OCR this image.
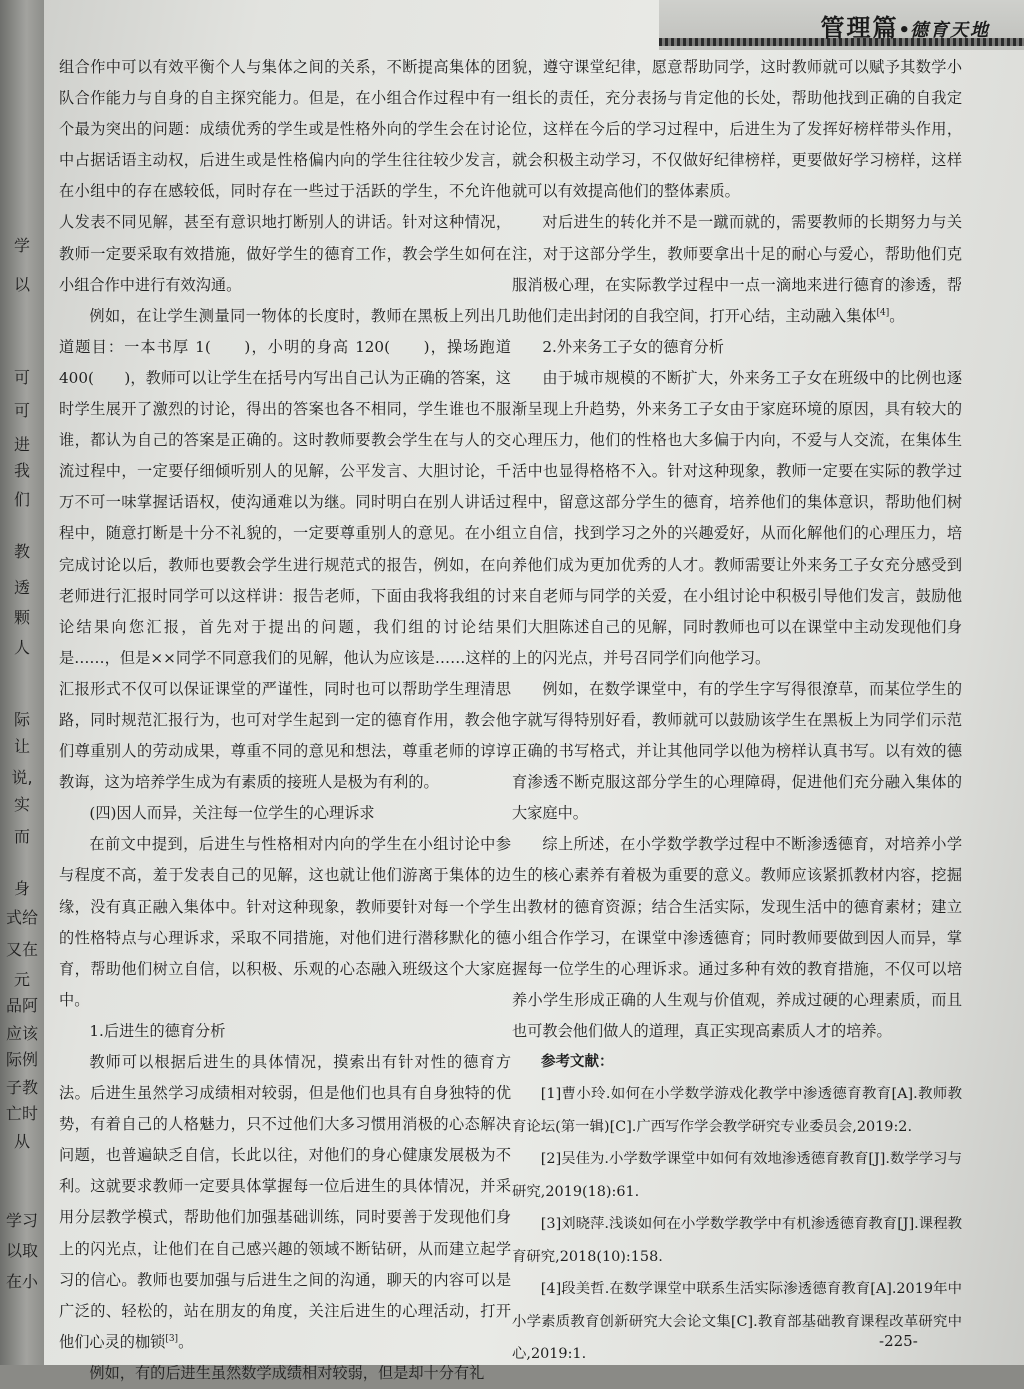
学
以
可
可
进
我
们
教
透
颗
人
际
让
说,
实
而
身
式给
又在
元
品阿
应该
际例
子教
亡时
从
学习
以取
在小
管理篇•德育天地

组合作中可以有效平衡个人与集体之间的关系，不断提高集体的团队合作能力与自身的自主探究能力。但是，在小组合作过程中有一个最为突出的问题：成绩优秀的学生或是性格外向的学生会在讨论中占据话语主动权，后进生或是性格偏内向的学生往往较少发言，在小组中的存在感较低，同时存在一些过于活跃的学生，不允许他人发表不同见解，甚至有意识地打断别人的讲话。针对这种情况，教师一定要采取有效措施，做好学生的德育工作，教会学生如何在小组合作中进行有效沟通。

例如，在让学生测量同一物体的长度时，教师在黑板上列出几道题目：一本书厚 1(　　)，小明的身高 120(　　)，操场跑道 400(　　)，教师可以让学生在括号内写出自己认为正确的答案，这时学生展开了激烈的讨论，得出的答案也各不相同，学生谁也不服谁，都认为自己的答案是正确的。这时教师要教会学生在与人的交流过程中，一定要仔细倾听别人的见解，公平发言、大胆讨论，千万不可一味掌握话语权，使沟通难以为继。同时明白在别人讲话过程中，随意打断是十分不礼貌的，一定要尊重别人的意见。在小组完成讨论以后，教师也要教会学生进行规范式的报告，例如，在向老师进行汇报时同学可以这样讲：报告老师，下面由我将我组的讨论结果向您汇报，首先对于提出的问题，我们组的讨论结果是……，但是××同学不同意我们的见解，他认为应该是……这样的汇报形式不仅可以保证课堂的严谨性，同时也可以帮助学生理清思路，同时规范汇报行为，也可对学生起到一定的德育作用，教会他们尊重别人的劳动成果，尊重不同的意见和想法，尊重老师的谆谆教诲，这为培养学生成为有素质的接班人是极为有利的。

(四)因人而异，关注每一位学生的心理诉求

在前文中提到，后进生与性格相对内向的学生在小组讨论中参与程度不高，羞于发表自己的见解，这也就让他们游离于集体的边缘，没有真正融入集体中。针对这种现象，教师要针对每一个学生的性格特点与心理诉求，采取不同措施，对他们进行潜移默化的德育，帮助他们树立自信，以积极、乐观的心态融入班级这个大家庭中。

1.后进生的德育分析

教师可以根据后进生的具体情况，摸索出有针对性的德育方法。后进生虽然学习成绩相对较弱，但是他们也具有自身独特的优势，有着自己的人格魅力，只不过他们大多习惯用消极的心态解决问题，也普遍缺乏自信，长此以往，对他们的身心健康发展极为不利。这就要求教师一定要具体掌握每一位后进生的具体情况，并采用分层教学模式，帮助他们加强基础训练，同时要善于发现他们身上的闪光点，让他们在自己感兴趣的领域不断钻研，从而建立起学习的信心。教师也要加强与后进生之间的沟通，聊天的内容可以是广泛的、轻松的，站在朋友的角度，关注后进生的心理活动，打开他们心灵的枷锁[3]。

例如，有的后进生虽然数学成绩相对较弱，但是却十分有礼

貌，遵守课堂纪律，愿意帮助同学，这时教师就可以赋予其数学小组长的责任，充分表扬与肯定他的长处，帮助他找到正确的自我定位，这样在今后的学习过程中，后进生为了发挥好榜样带头作用，就会积极主动学习，不仅做好纪律榜样，更要做好学习榜样，这样就可以有效提高他们的整体素质。

对后进生的转化并不是一蹴而就的，需要教师的长期努力与关注，对于这部分学生，教师要拿出十足的耐心与爱心，帮助他们克服消极心理，在实际教学过程中一点一滴地来进行德育的渗透，帮助他们走出封闭的自我空间，打开心结，主动融入集体[4]。

2.外来务工子女的德育分析

由于城市规模的不断扩大，外来务工子女在班级中的比例也逐渐呈现上升趋势，外来务工子女由于家庭环境的原因，具有较大的心理压力，他们的性格也大多偏于内向，不爱与人交流，在集体生活中也显得格格不入。针对这种现象，教师一定要在实际的教学过程中，留意这部分学生的德育，培养他们的集体意识，帮助他们树立自信，找到学习之外的兴趣爱好，从而化解他们的心理压力，培养他们成为更加优秀的人才。教师需要让外来务工子女充分感受到来自老师与同学的关爱，在小组讨论中积极引导他们发言，鼓励他们大胆陈述自己的见解，同时教师也可以在课堂中主动发现他们身上的闪光点，并号召同学们向他学习。

例如，在数学课堂中，有的学生字写得很潦草，而某位学生的字就写得特别好看，教师就可以鼓励该学生在黑板上为同学们示范正确的书写格式，并让其他同学以他为榜样认真书写。以有效的德育渗透不断克服这部分学生的心理障碍，促进他们充分融入集体的大家庭中。

综上所述，在小学数学教学过程中不断渗透德育，对培养小学生的核心素养有着极为重要的意义。教师应该紧抓教材内容，挖掘出教材的德育资源；结合生活实际，发现生活中的德育素材；建立小组合作学习，在课堂中渗透德育；同时教师要做到因人而异，掌握每一位学生的心理诉求。通过多种有效的教育措施，不仅可以培养小学生形成正确的人生观与价值观，养成过硬的心理素质，而且也可教会他们做人的道理，真正实现高素质人才的培养。

参考文献：

[1]曹小玲.如何在小学数学游戏化教学中渗透德育教育[A].教师教育论坛(第一辑)[C].广西写作学会教学研究专业委员会,2019:2.

[2]吴佳为.小学数学课堂中如何有效地渗透德育教育[J].数学学习与研究,2019(18):61.

[3]刘晓萍.浅谈如何在小学数学教学中有机渗透德育教育[J].课程教育研究,2018(10):158.

[4]段美哲.在数学课堂中联系生活实际渗透德育教育[A].2019年中小学素质教育创新研究大会论文集[C].教育部基础教育课程改革研究中心,2019:1.

-225-
